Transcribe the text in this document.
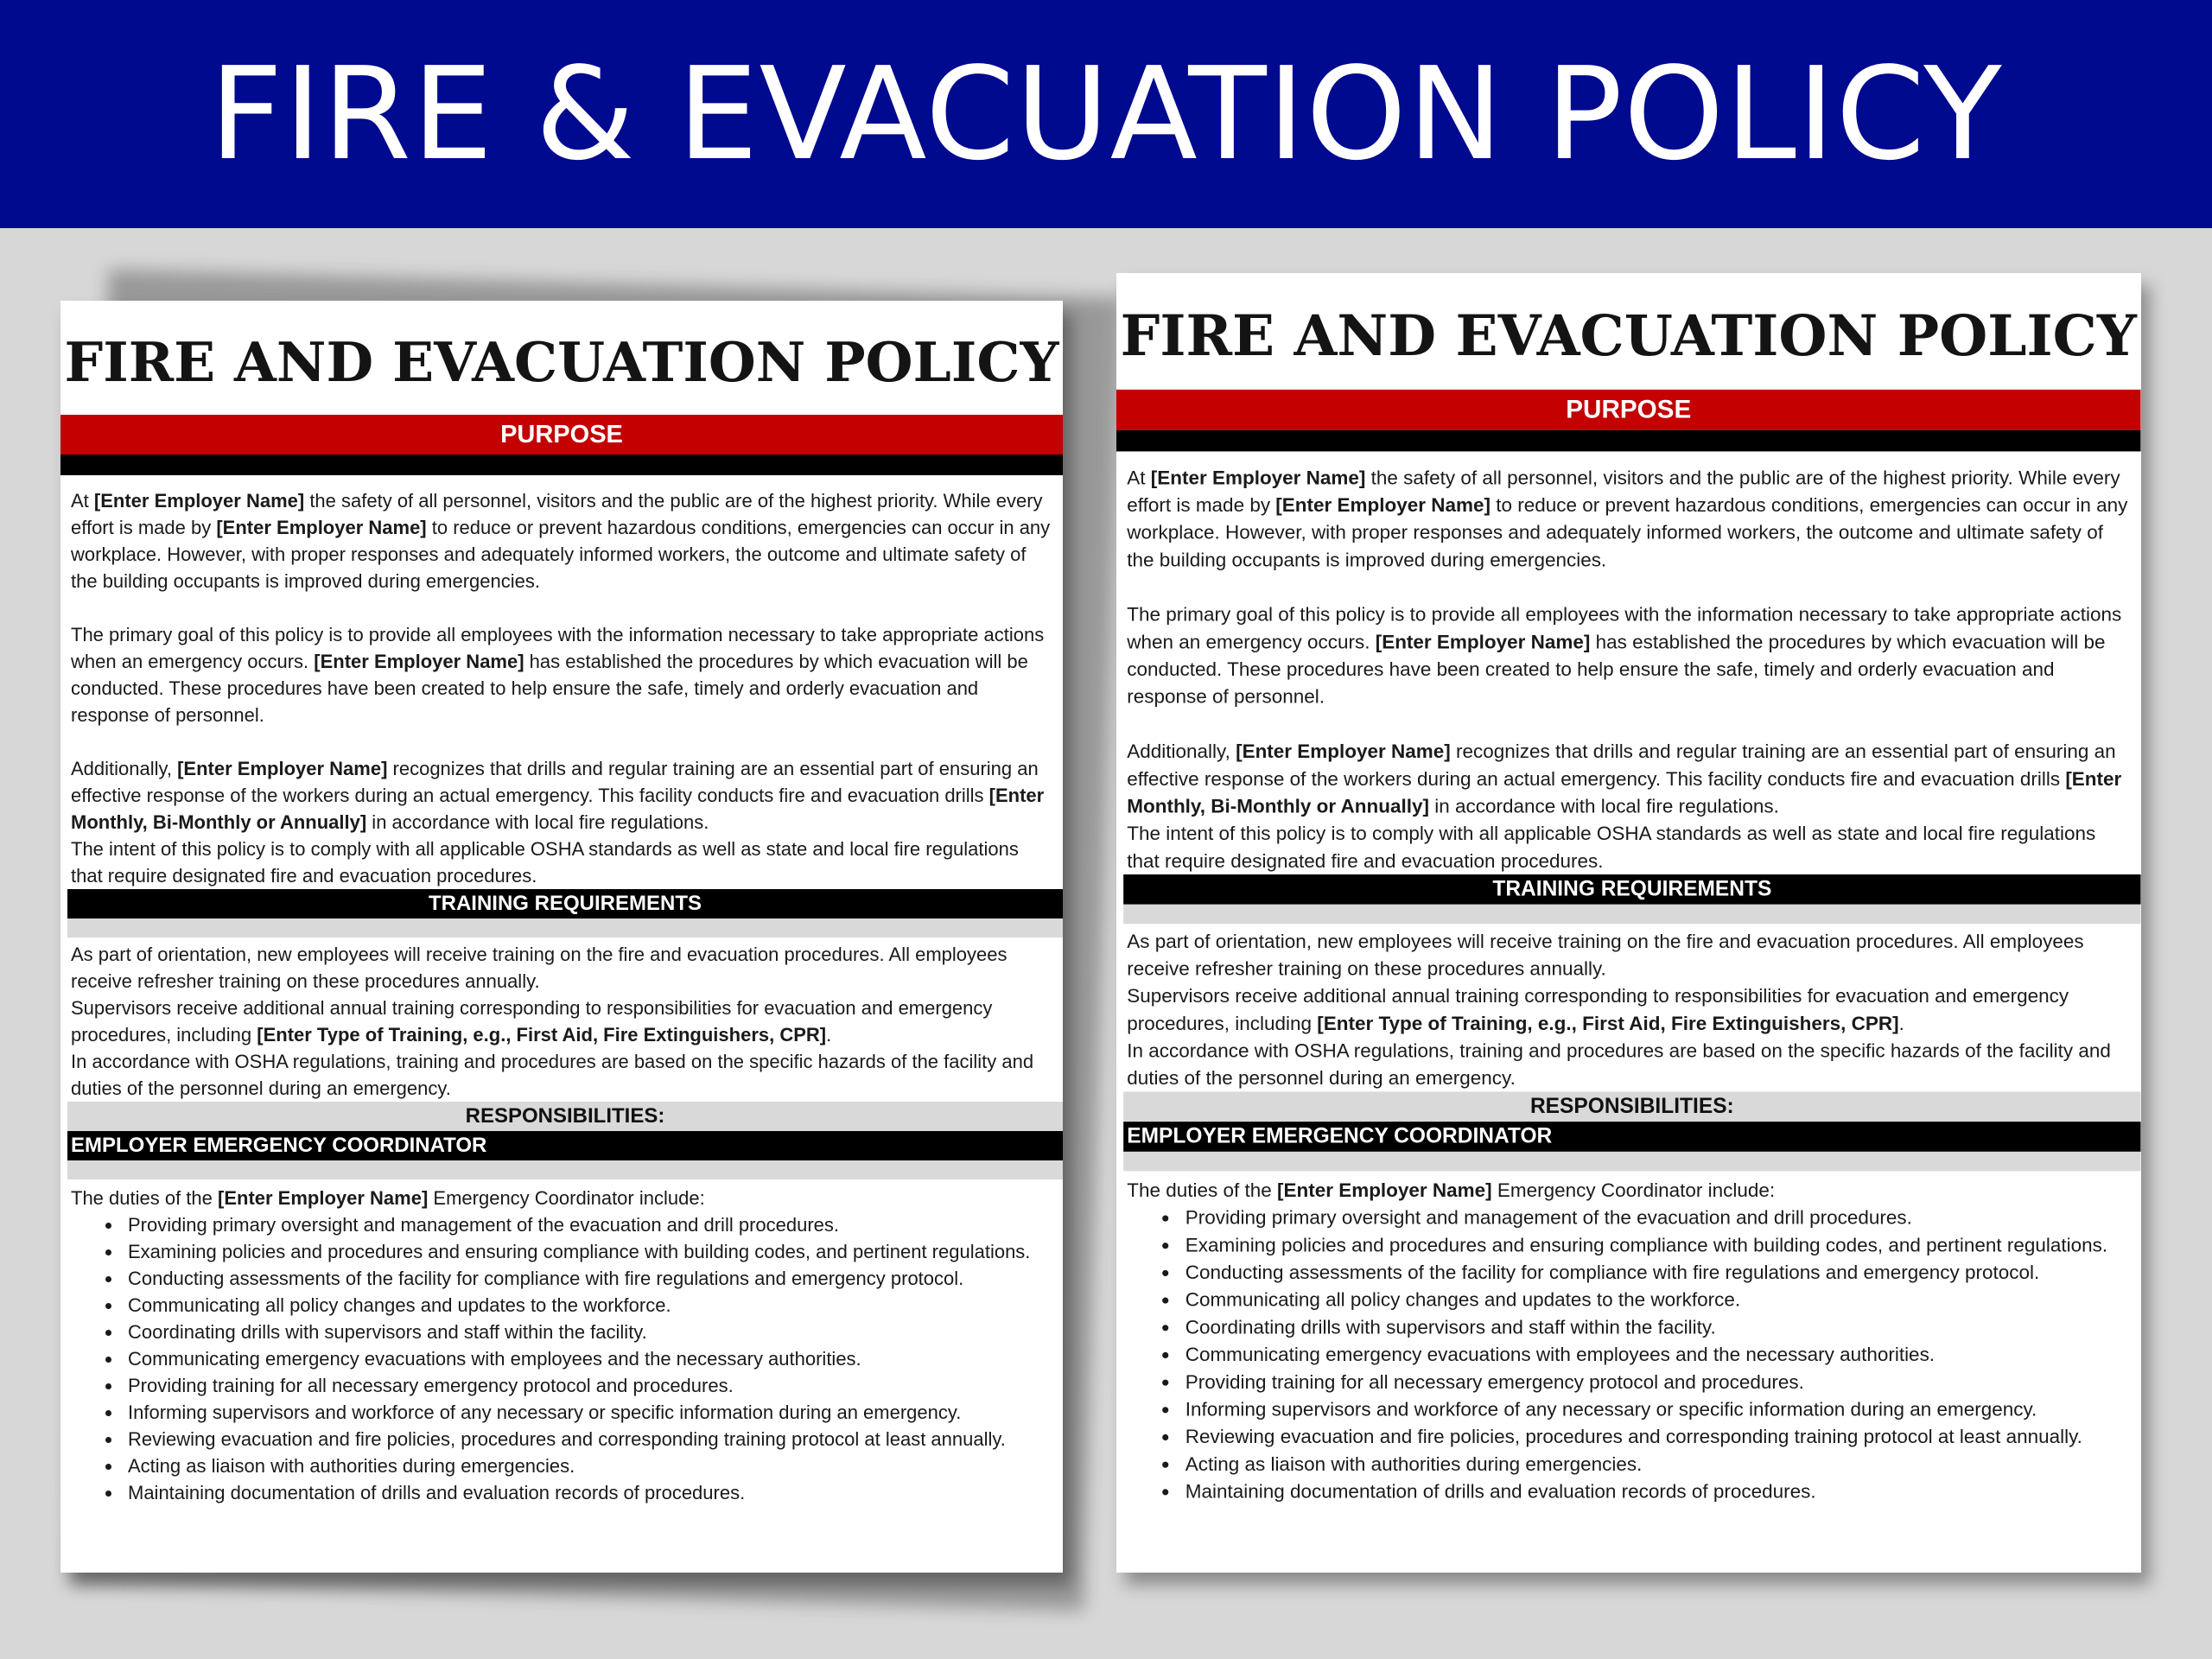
FIRE & EVACUATION POLICY
FIRE AND EVACUATION POLICY
PURPOSE

At [Enter Employer Name] the safety of all personnel, visitors and the public are of the highest priority. While every effort is made by [Enter Employer Name] to reduce or prevent hazardous conditions, emergencies can occur in any workplace. However, with proper responses and adequately informed workers, the outcome and ultimate safety of the building occupants is improved during emergencies.

The primary goal of this policy is to provide all employees with the information necessary to take appropriate actions when an emergency occurs. [Enter Employer Name] has established the procedures by which evacuation will be conducted. These procedures have been created to help ensure the safe, timely and orderly evacuation and response of personnel.

Additionally, [Enter Employer Name] recognizes that drills and regular training are an essential part of ensuring an effective response of the workers during an actual emergency. This facility conducts fire and evacuation drills [Enter Monthly, Bi-Monthly or Annually] in accordance with local fire regulations.

The intent of this policy is to comply with all applicable OSHA standards as well as state and local fire regulations that require designated fire and evacuation procedures.

TRAINING REQUIREMENTS

As part of orientation, new employees will receive training on the fire and evacuation procedures. All employees receive refresher training on these procedures annually.

Supervisors receive additional annual training corresponding to responsibilities for evacuation and emergency procedures, including [Enter Type of Training, e.g., First Aid, Fire Extinguishers, CPR].

In accordance with OSHA regulations, training and procedures are based on the specific hazards of the facility and duties of the personnel during an emergency.

RESPONSIBILITIES:
EMPLOYER EMERGENCY COORDINATOR

The duties of the [Enter Employer Name] Emergency Coordinator include:

• Providing primary oversight and management of the evacuation and drill procedures.
• Examining policies and procedures and ensuring compliance with building codes, and pertinent regulations.
• Conducting assessments of the facility for compliance with fire regulations and emergency protocol.
• Communicating all policy changes and updates to the workforce.
• Coordinating drills with supervisors and staff within the facility.
• Communicating emergency evacuations with employees and the necessary authorities.
• Providing training for all necessary emergency protocol and procedures.
• Informing supervisors and workforce of any necessary or specific information during an emergency.
• Reviewing evacuation and fire policies, procedures and corresponding training protocol at least annually.
• Acting as liaison with authorities during emergencies.
• Maintaining documentation of drills and evaluation records of procedures.
FIRE AND EVACUATION POLICY
PURPOSE

At [Enter Employer Name] the safety of all personnel, visitors and the public are of the highest priority. While every effort is made by [Enter Employer Name] to reduce or prevent hazardous conditions, emergencies can occur in any workplace. However, with proper responses and adequately informed workers, the outcome and ultimate safety of the building occupants is improved during emergencies.

The primary goal of this policy is to provide all employees with the information necessary to take appropriate actions when an emergency occurs. [Enter Employer Name] has established the procedures by which evacuation will be conducted. These procedures have been created to help ensure the safe, timely and orderly evacuation and response of personnel.

Additionally, [Enter Employer Name] recognizes that drills and regular training are an essential part of ensuring an effective response of the workers during an actual emergency. This facility conducts fire and evacuation drills [Enter Monthly, Bi-Monthly or Annually] in accordance with local fire regulations.

The intent of this policy is to comply with all applicable OSHA standards as well as state and local fire regulations that require designated fire and evacuation procedures.

TRAINING REQUIREMENTS

As part of orientation, new employees will receive training on the fire and evacuation procedures. All employees receive refresher training on these procedures annually.

Supervisors receive additional annual training corresponding to responsibilities for evacuation and emergency procedures, including [Enter Type of Training, e.g., First Aid, Fire Extinguishers, CPR].

In accordance with OSHA regulations, training and procedures are based on the specific hazards of the facility and duties of the personnel during an emergency.

RESPONSIBILITIES:
EMPLOYER EMERGENCY COORDINATOR

The duties of the [Enter Employer Name] Emergency Coordinator include:

• Providing primary oversight and management of the evacuation and drill procedures.
• Examining policies and procedures and ensuring compliance with building codes, and pertinent regulations.
• Conducting assessments of the facility for compliance with fire regulations and emergency protocol.
• Communicating all policy changes and updates to the workforce.
• Coordinating drills with supervisors and staff within the facility.
• Communicating emergency evacuations with employees and the necessary authorities.
• Providing training for all necessary emergency protocol and procedures.
• Informing supervisors and workforce of any necessary or specific information during an emergency.
• Reviewing evacuation and fire policies, procedures and corresponding training protocol at least annually.
• Acting as liaison with authorities during emergencies.
• Maintaining documentation of drills and evaluation records of procedures.
